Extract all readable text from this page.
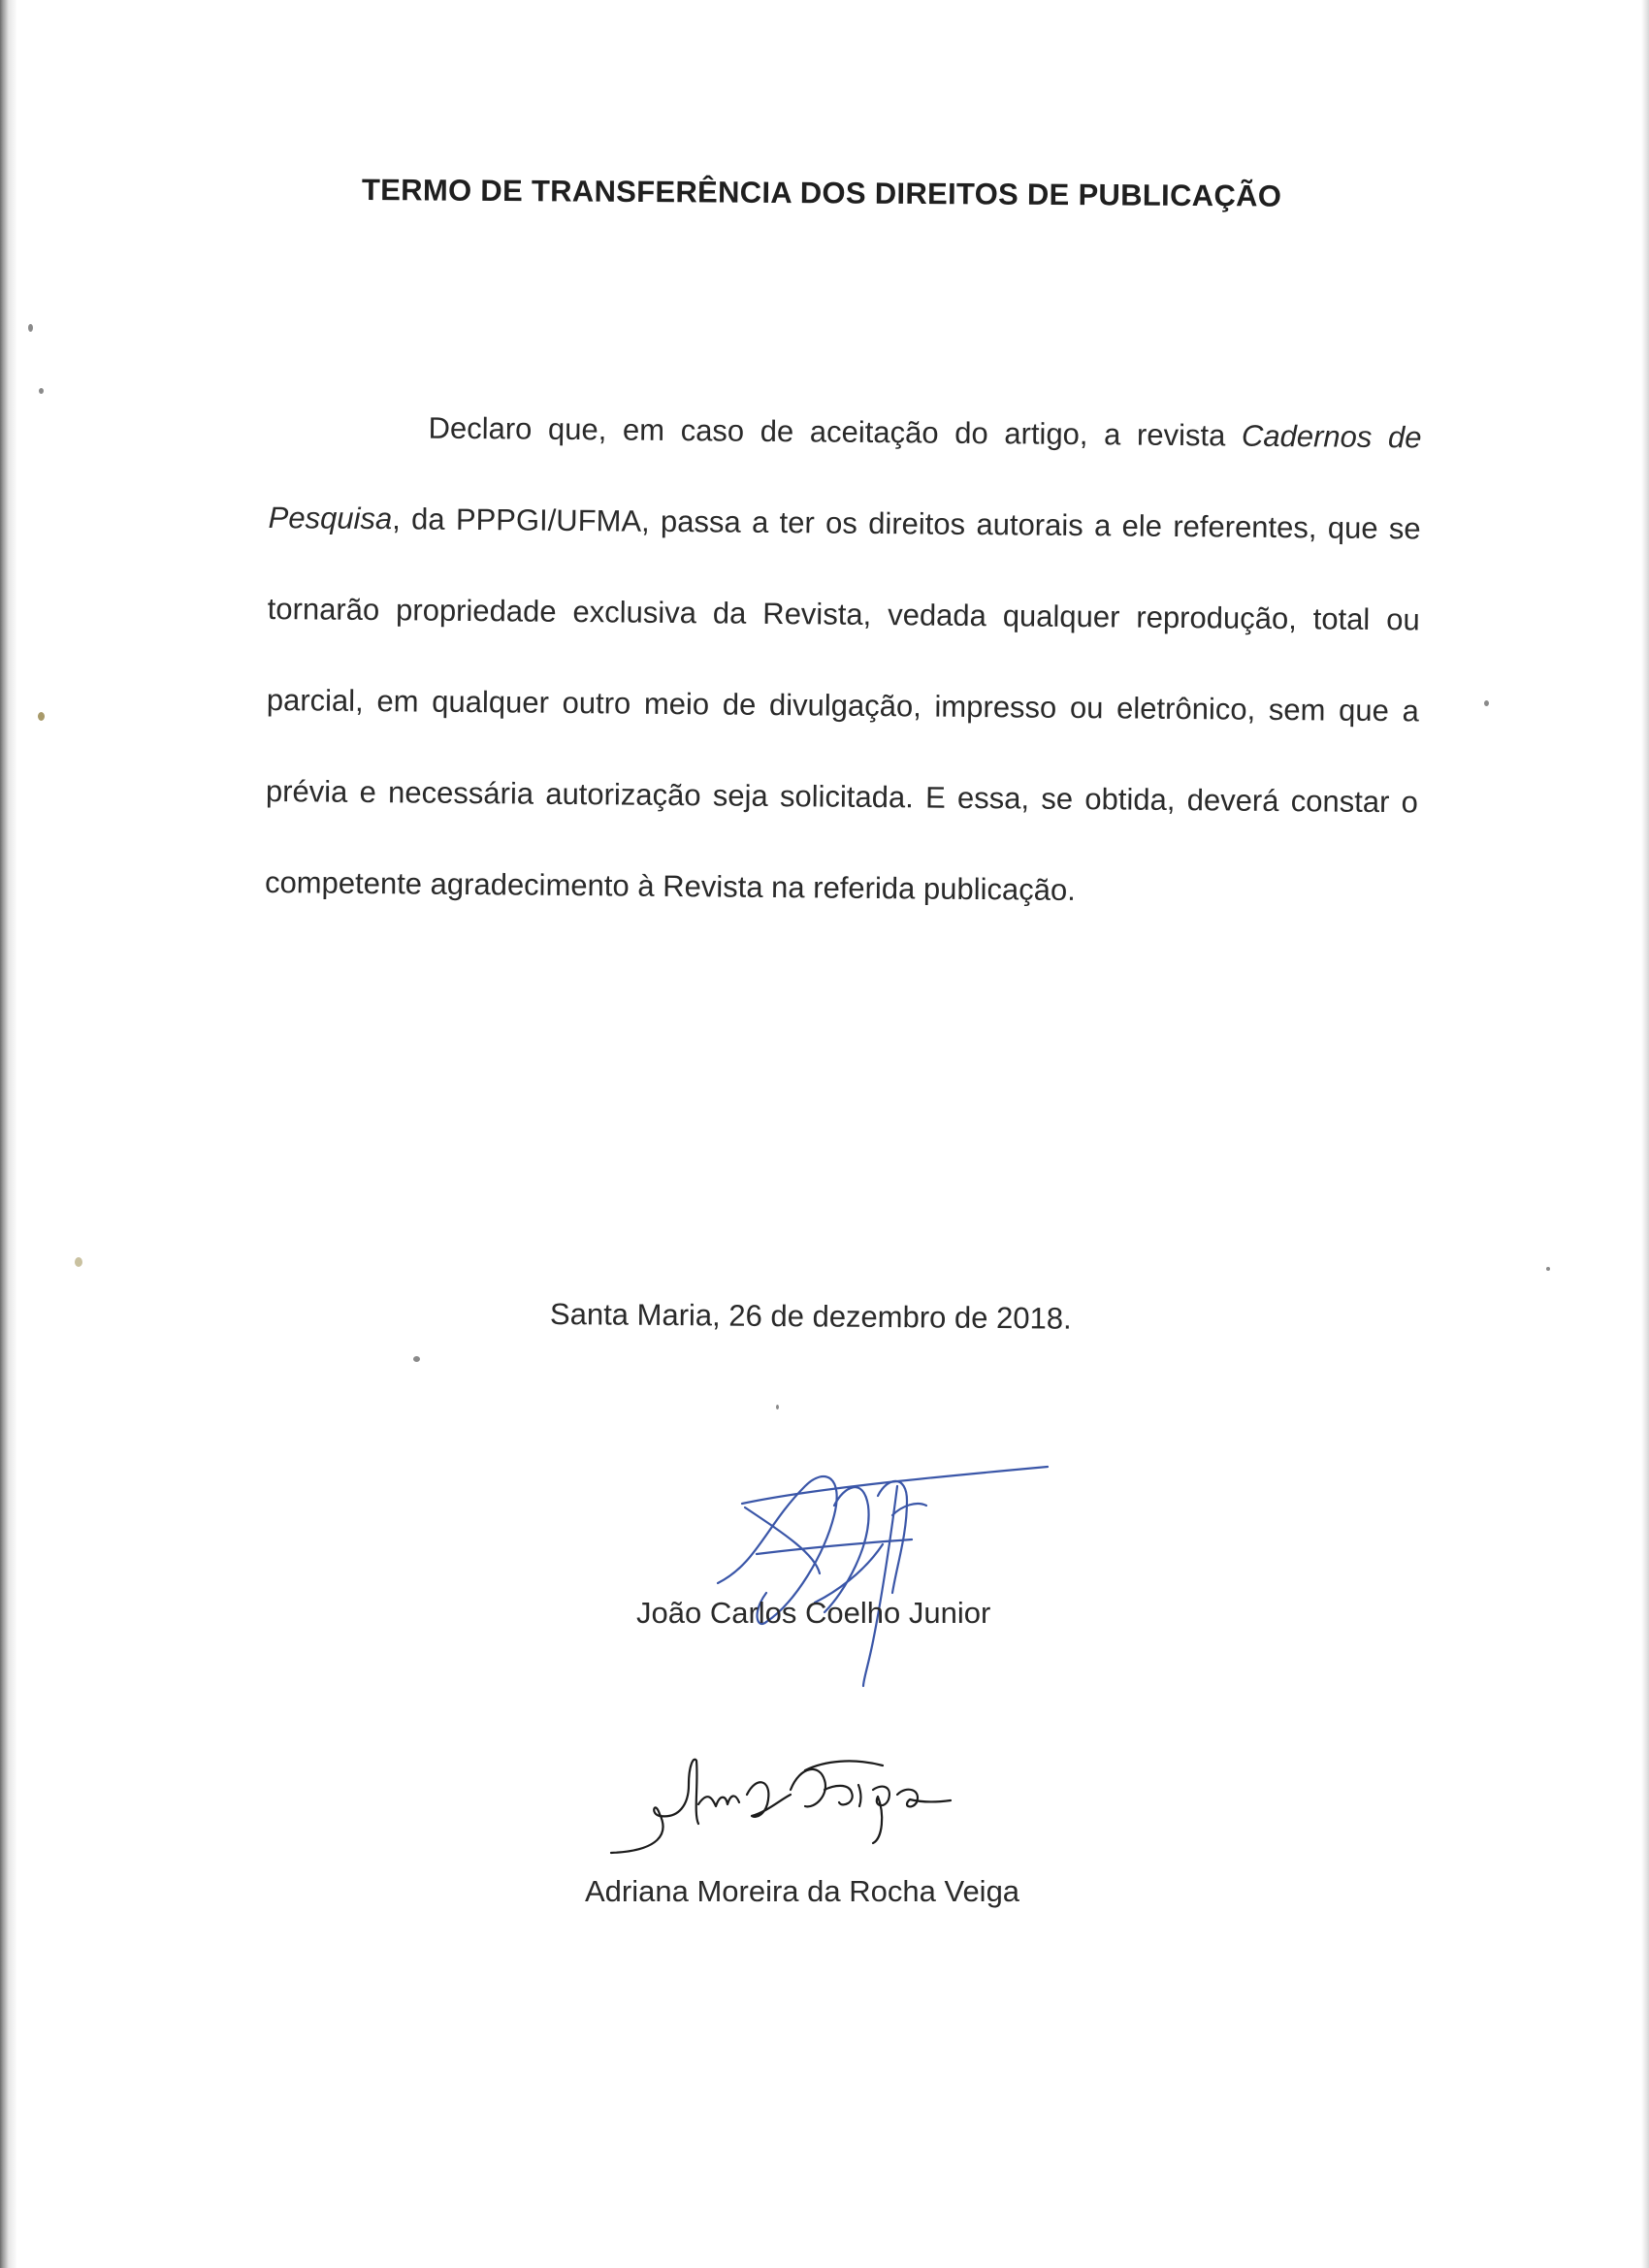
TERMO DE TRANSFERÊNCIA DOS DIREITOS DE PUBLICAÇÃO
Declaro que, em caso de aceitação do artigo, a revista Cadernos de Pesquisa, da PPPGI/UFMA, passa a ter os direitos autorais a ele referentes, que se tornarão propriedade exclusiva da Revista, vedada qualquer reprodução, total ou parcial, em qualquer outro meio de divulgação, impresso ou eletrônico, sem que a prévia e necessária autorização seja solicitada. E essa, se obtida, deverá constar o competente agradecimento à Revista na referida publicação.
Santa Maria, 26 de dezembro de 2018.
João Carlos Coelho Junior
Adriana Moreira da Rocha Veiga
